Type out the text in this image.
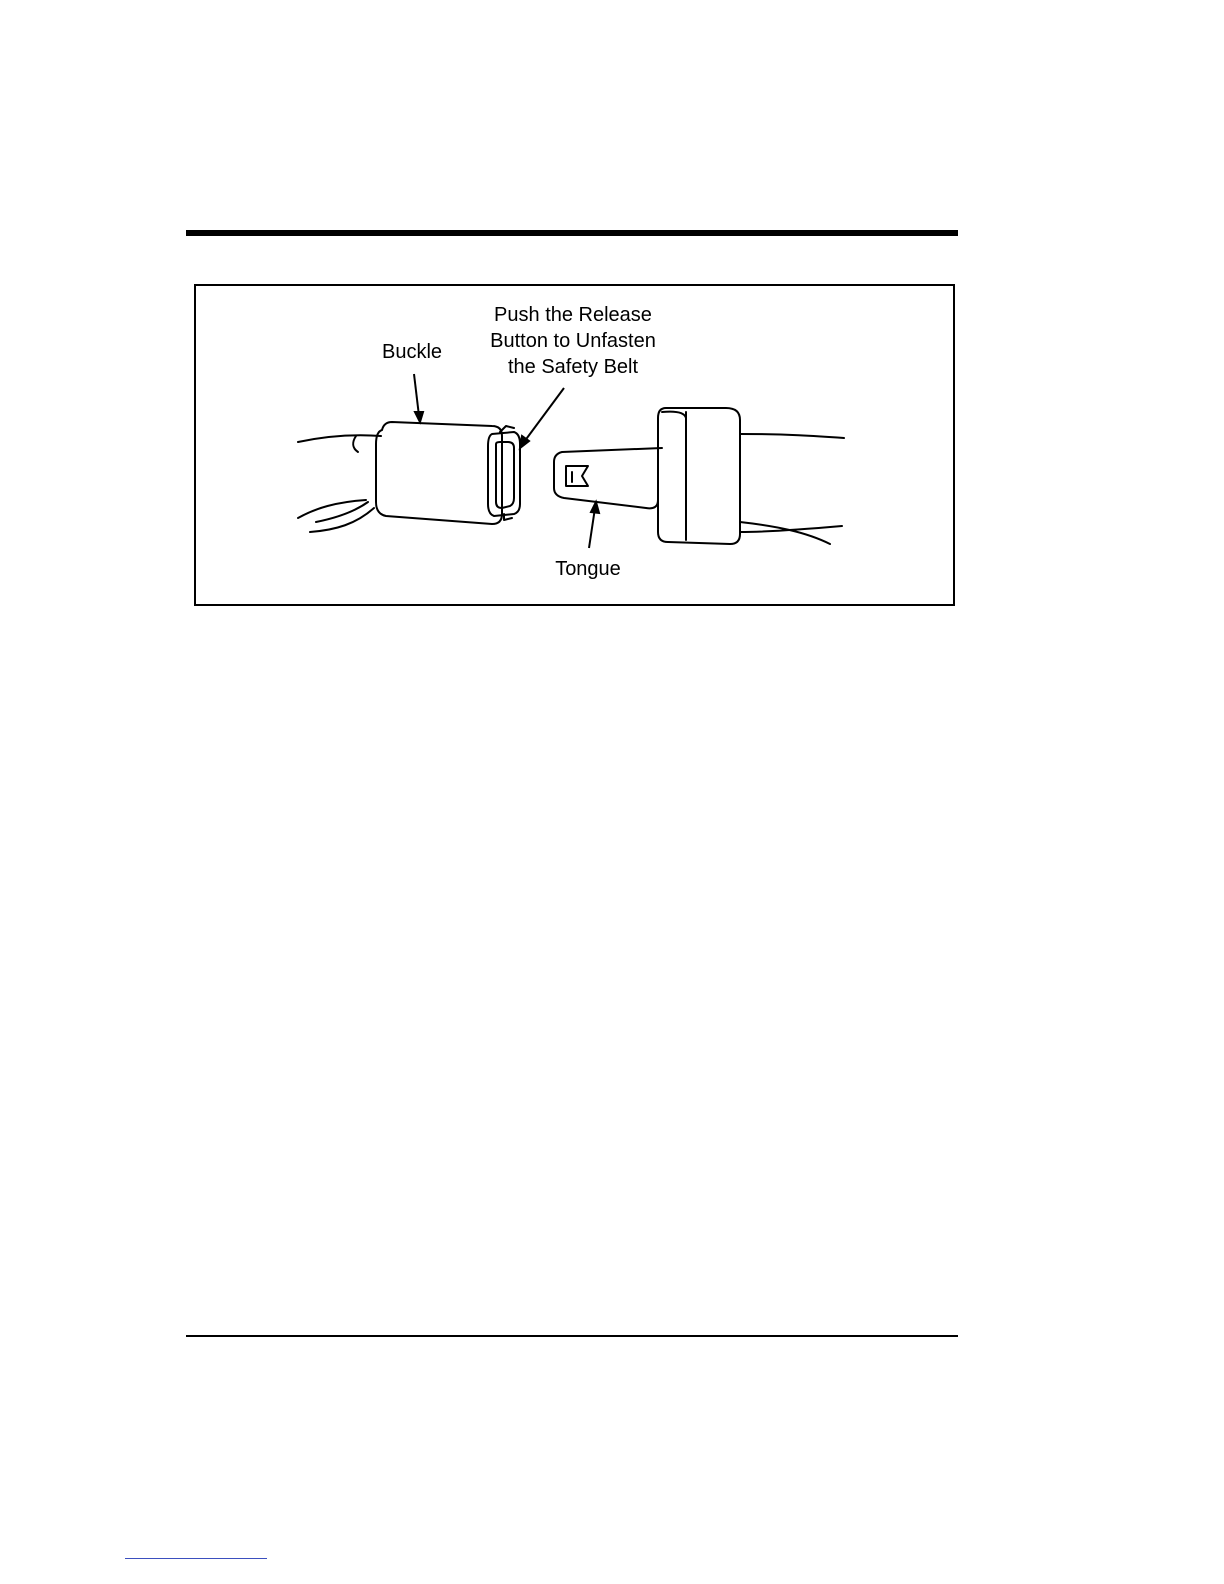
Buckle
Push the Release
Button to Unfasten
the Safety Belt
Tongue
